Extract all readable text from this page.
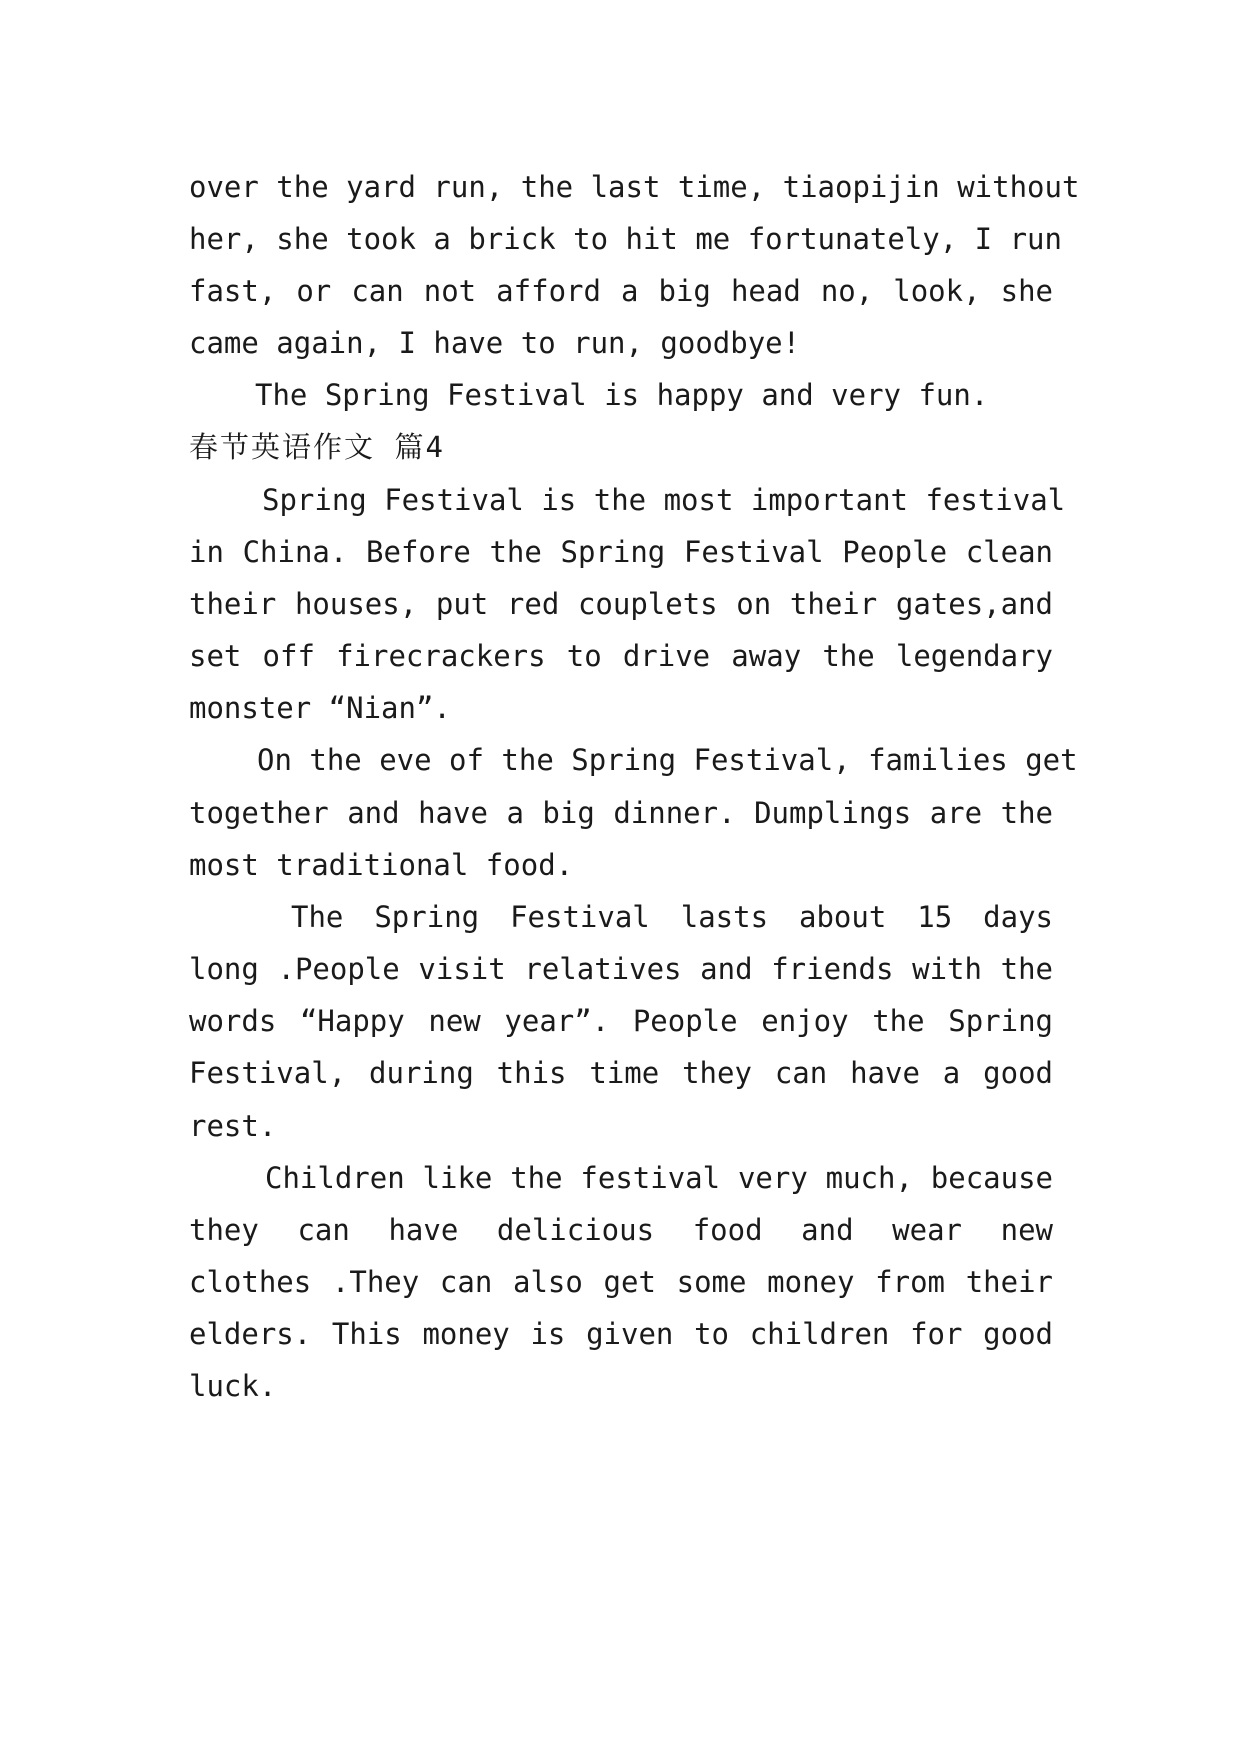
over the yard run, the last time, tiaopijin without
her, she took a brick to hit me fortunately, I run
fast, or can not afford a big head no, look, she
came again, I have to run, goodbye!
The Spring Festival is happy and very fun.
春节英语作文 篇4
Spring Festival is the most important festival
in China. Before the Spring Festival People clean
their houses, put red couplets on their gates,and
set off firecrackers to drive away the legendary
monster “Nian”.
On the eve of the Spring Festival, families get
together and have a big dinner. Dumplings are the
most traditional food.
The Spring Festival lasts about 15 days
long .People visit relatives and friends with the
words “Happy new year”. People enjoy the Spring
Festival, during this time they can have a good
rest.
Children like the festival very much, because
they can have delicious food and wear new
clothes .They can also get some money from their
elders. This money is given to children for good
luck.
